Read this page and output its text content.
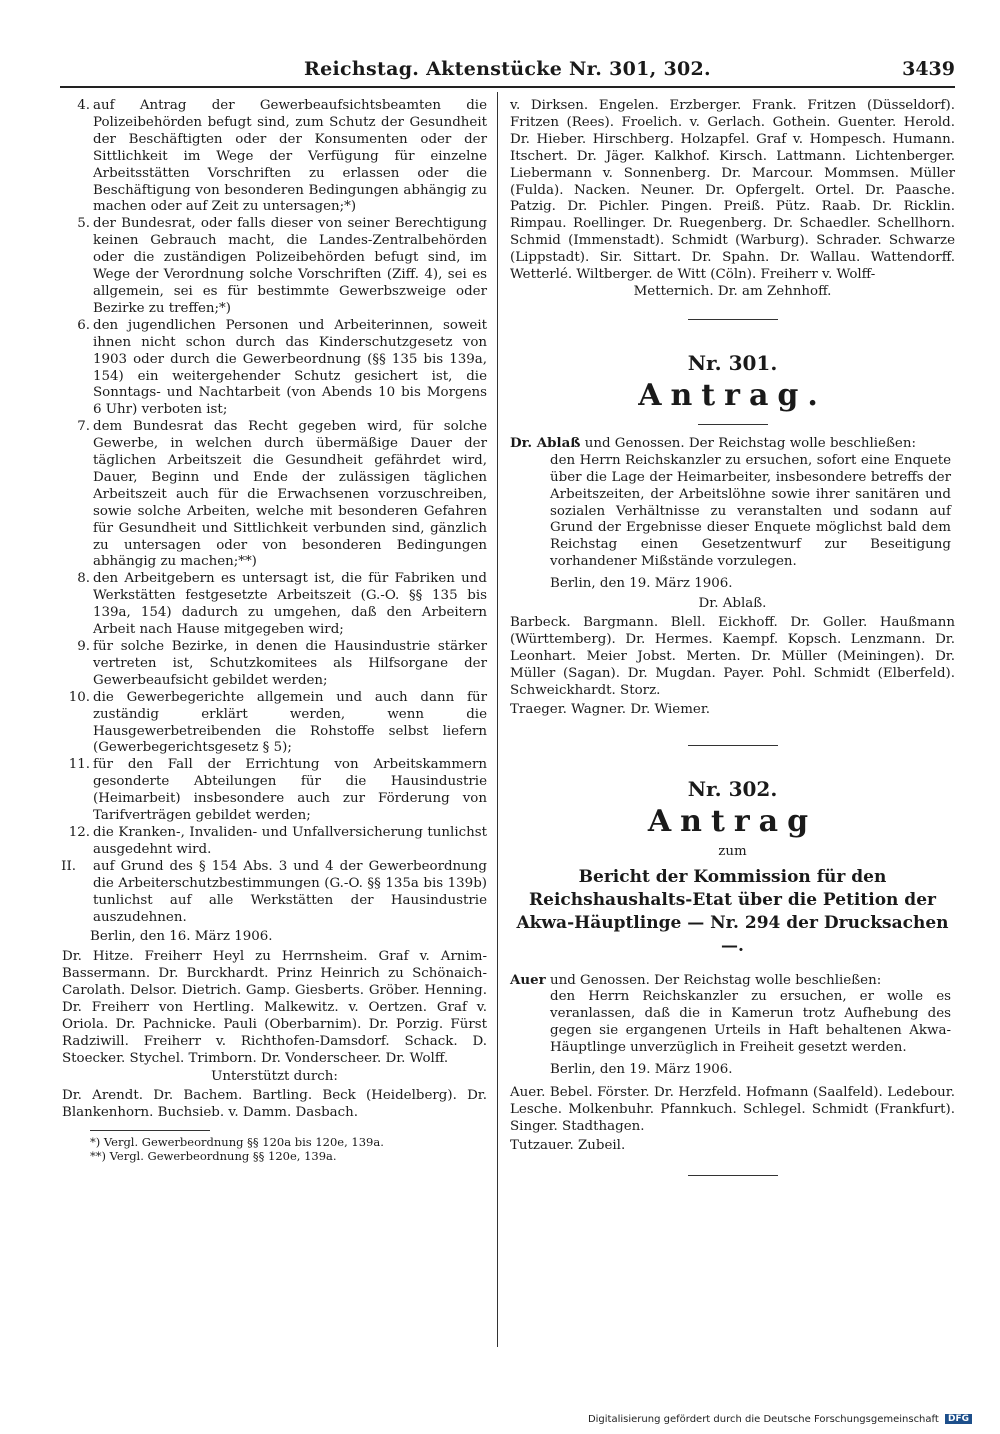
Reichstag. Aktenstücke Nr. 301, 302.	3439
4. auf Antrag der Gewerbeaufsichtsbeamten die Polizeibehörden befugt sind, zum Schutz der Gesundheit der Beschäftigten oder der Konsumenten oder der Sittlichkeit im Wege der Verfügung für einzelne Arbeitsstätten Vorschriften zu erlassen oder die Beschäftigung von besonderen Bedingungen abhängig zu machen oder auf Zeit zu untersagen;*)
5. der Bundesrat, oder falls dieser von seiner Berechtigung keinen Gebrauch macht, die Landes-Zentralbehörden oder die zuständigen Polizeibehörden befugt sind, im Wege der Verordnung solche Vorschriften (Ziff. 4), sei es allgemein, sei es für bestimmte Gewerbszweige oder Bezirke zu treffen;*)
6. den jugendlichen Personen und Arbeiterinnen, soweit ihnen nicht schon durch das Kinderschutzgesetz von 1903 oder durch die Gewerbeordnung (§§ 135 bis 139a, 154) ein weitergehender Schutz gesichert ist, die Sonntags- und Nachtarbeit (von Abends 10 bis Morgens 6 Uhr) verboten ist;
7. dem Bundesrat das Recht gegeben wird, für solche Gewerbe, in welchen durch übermäßige Dauer der täglichen Arbeitszeit die Gesundheit gefährdet wird, Dauer, Beginn und Ende der zulässigen täglichen Arbeitszeit auch für die Erwachsenen vorzuschreiben, sowie solche Arbeiten, welche mit besonderen Gefahren für Gesundheit und Sittlichkeit verbunden sind, gänzlich zu untersagen oder von besonderen Bedingungen abhängig zu machen;**)
8. den Arbeitgebern es untersagt ist, die für Fabriken und Werkstätten festgesetzte Arbeitszeit (G.-O. §§ 135 bis 139a, 154) dadurch zu umgehen, daß den Arbeitern Arbeit nach Hause mitgegeben wird;
9. für solche Bezirke, in denen die Hausindustrie stärker vertreten ist, Schutzkomitees als Hilfsorgane der Gewerbeaufsicht gebildet werden;
10. die Gewerbegerichte allgemein und auch dann für zuständig erklärt werden, wenn die Hausgewerbetreibenden die Rohstoffe selbst liefern (Gewerbegerichtsgesetz § 5);
11. für den Fall der Errichtung von Arbeitskammern gesonderte Abteilungen für die Hausindustrie (Heimarbeit) insbesondere auch zur Förderung von Tarifverträgen gebildet werden;
12. die Kranken-, Invaliden- und Unfallversicherung tunlichst ausgedehnt wird.
II. auf Grund des § 154 Abs. 3 und 4 der Gewerbeordnung die Arbeiterschutzbestimmungen (G.-O. §§ 135a bis 139b) tunlichst auf alle Werkstätten der Hausindustrie auszudehnen.
Berlin, den 16. März 1906.
Dr. Hitze. Freiherr Heyl zu Herrnsheim. Graf v. Arnim-Bassermann. Dr. Burckhardt. Prinz Heinrich zu Schönaich-Carolath. Delsor. Dietrich. Gamp. Giesberts. Gröber. Henning. Dr. Freiherr von Hertling. Malkewitz. v. Oertzen. Graf v. Oriola. Dr. Pachnicke. Pauli (Oberbarnim). Dr. Porzig. Fürst Radziwill. Freiherr v. Richthofen-Damsdorf. Schack. D. Stoecker. Stychel. Trimborn. Dr. Vonderscheer. Dr. Wolff.
Unterstützt durch:
Dr. Arendt. Dr. Bachem. Bartling. Beck (Heidelberg). Dr. Blankenhorn. Buchsieb. v. Damm. Dasbach.
*) Vergl. Gewerbeordnung §§ 120a bis 120e, 139a.
**) Vergl. Gewerbeordnung §§ 120e, 139a.
v. Dirksen. Engelen. Erzberger. Frank. Fritzen (Düsseldorf). Fritzen (Rees). Froelich. v. Gerlach. Gothein. Guenter. Herold. Dr. Hieber. Hirschberg. Holzapfel. Graf v. Hompesch. Humann. Itschert. Dr. Jäger. Kalkhof. Kirsch. Lattmann. Lichtenberger. Liebermann v. Sonnenberg. Dr. Marcour. Mommsen. Müller (Fulda). Nacken. Neuner. Dr. Opfergelt. Ortel. Dr. Paasche. Patzig. Dr. Pichler. Pingen. Preiß. Pütz. Raab. Dr. Ricklin. Rimpau. Roellinger. Dr. Ruegenberg. Dr. Schaedler. Schellhorn. Schmid (Immenstadt). Schmidt (Warburg). Schrader. Schwarze (Lippstadt). Sir. Sittart. Dr. Spahn. Dr. Wallau. Wattendorff. Wetterlé. Wiltberger. de Witt (Cöln). Freiherr v. Wolff-
Metternich. Dr. am Zehnhoff.
Nr. 301.
Antrag.
Dr. Ablaß und Genossen. Der Reichstag wolle beschließen:
den Herrn Reichskanzler zu ersuchen, sofort eine Enquete über die Lage der Heimarbeiter, insbesondere betreffs der Arbeitszeiten, der Arbeitslöhne sowie ihrer sanitären und sozialen Verhältnisse zu veranstalten und sodann auf Grund der Ergebnisse dieser Enquete möglichst bald dem Reichstag einen Gesetzentwurf zur Beseitigung vorhandener Mißstände vorzulegen.
Berlin, den 19. März 1906.
Dr. Ablaß.
Barbeck. Bargmann. Blell. Eickhoff. Dr. Goller. Haußmann (Württemberg). Dr. Hermes. Kaempf. Kopsch. Lenzmann. Dr. Leonhart. Meier Jobst. Merten. Dr. Müller (Meiningen). Dr. Müller (Sagan). Dr. Mugdan. Payer. Pohl. Schmidt (Elberfeld). Schweickhardt. Storz.
Traeger. Wagner. Dr. Wiemer.
Nr. 302.
Antrag
zum
Bericht der Kommission für den Reichshaushalts-Etat über die Petition der Akwa-Häuptlinge — Nr. 294 der Drucksachen —.
Auer und Genossen. Der Reichstag wolle beschließen:
den Herrn Reichskanzler zu ersuchen, er wolle es veranlassen, daß die in Kamerun trotz Aufhebung des gegen sie ergangenen Urteils in Haft behaltenen Akwa-Häuptlinge unverzüglich in Freiheit gesetzt werden.
Berlin, den 19. März 1906.
Auer. Bebel. Förster. Dr. Herzfeld. Hofmann (Saalfeld). Ledebour. Lesche. Molkenbuhr. Pfannkuch. Schlegel. Schmidt (Frankfurt). Singer. Stadthagen.
Tutzauer. Zubeil.
Digitalisierung gefördert durch die Deutsche Forschungsgemeinschaft DFG
